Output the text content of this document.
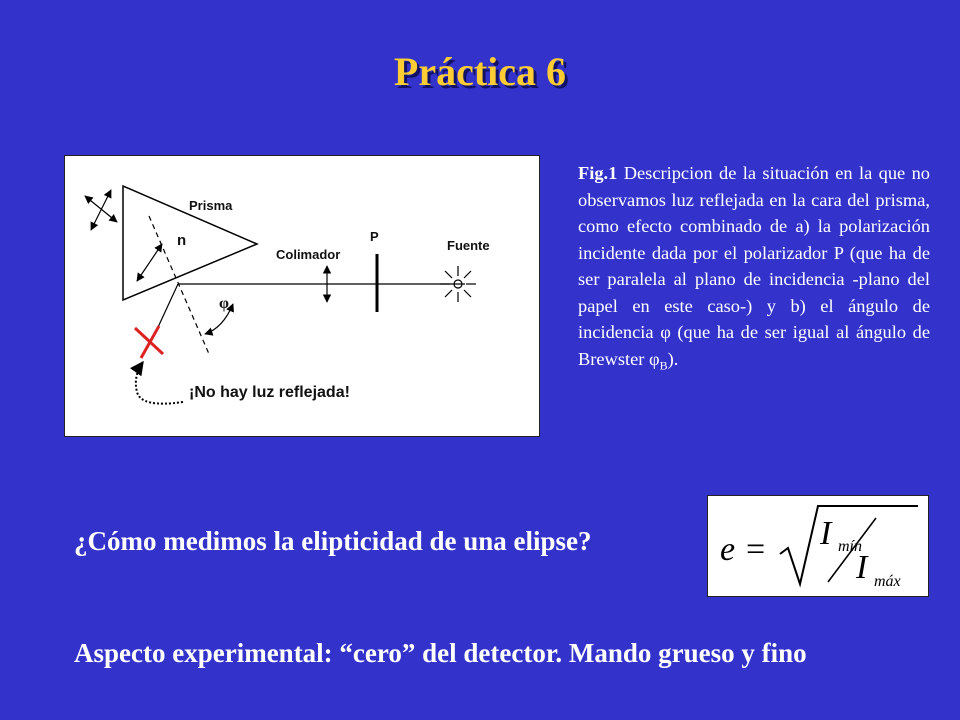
Práctica 6
Prisma
n	P
Colimador
Fuente
φ
¡No hay luz reflejada!
Fig.1 Descripcion de la situación en la que no observamos luz reflejada en la cara del prisma, como efecto combinado de a) la polarización incidente dada por el polarizador P (que ha de ser paralela al plano de incidencia -plano del papel en este caso-) y b) el ángulo de incidencia φ (que ha de ser igual al ángulo de Brewster $\varphi_B$).
¿Cómo medimos la elipticidad de una elipse?	e = I mín
I máx
Aspecto experimental: “cero” del detector. Mando grueso y fino
